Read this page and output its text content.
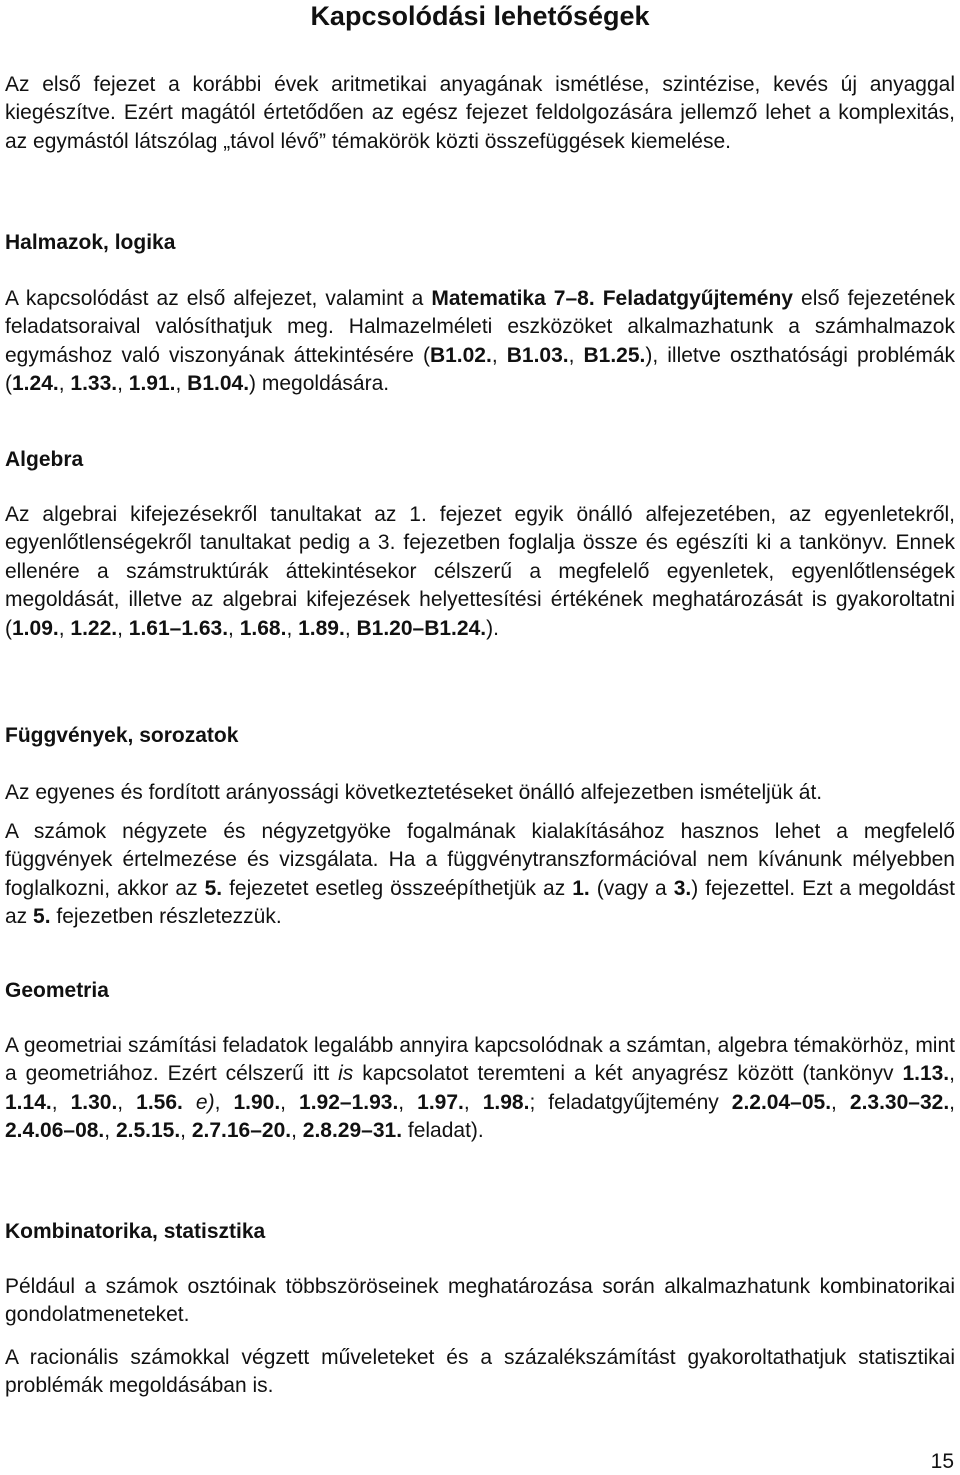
Kapcsolódási lehetőségek

Az első fejezet a korábbi évek aritmetikai anyagának ismétlése, szintézise, kevés új anyaggal kiegészítve. Ezért magától értetődően az egész fejezet feldolgozására jellemző lehet a komplexitás, az egymástól látszólag „távol lévő” témakörök közti összefüggések kiemelése.

Halmazok, logika

A kapcsolódást az első alfejezet, valamint a Matematika 7–8. Feladatgyűjtemény első fejezetének feladatsoraival valósíthatjuk meg. Halmazelméleti eszközöket alkalmazhatunk a számhalmazok egymáshoz való viszonyának áttekintésére (B1.02., B1.03., B1.25.), illetve oszthatósági problémák (1.24., 1.33., 1.91., B1.04.) megoldására.

Algebra

Az algebrai kifejezésekről tanultakat az 1. fejezet egyik önálló alfejezetében, az egyenletekről, egyenlőtlenségekről tanultakat pedig a 3. fejezetben foglalja össze és egészíti ki a tankönyv. Ennek ellenére a számstruktúrák áttekintésekor célszerű a megfelelő egyenletek, egyenlőtlenségek megoldását, illetve az algebrai kifejezések helyettesítési értékének meghatározását is gyakoroltatni (1.09., 1.22., 1.61–1.63., 1.68., 1.89., B1.20–B1.24.).

Függvények, sorozatok

Az egyenes és fordított arányossági következtetéseket önálló alfejezetben ismételjük át.

A számok négyzete és négyzetgyöke fogalmának kialakításához hasznos lehet a megfelelő függvények értelmezése és vizsgálata. Ha a függvénytranszformációval nem kívánunk mélyebben foglalkozni, akkor az 5. fejezetet esetleg összeépíthetjük az 1. (vagy a 3.) fejezettel. Ezt a megoldást az 5. fejezetben részletezzük.

Geometria

A geometriai számítási feladatok legalább annyira kapcsolódnak a számtan, algebra témakörhöz, mint a geometriához. Ezért célszerű itt is kapcsolatot teremteni a két anyagrész között (tankönyv 1.13., 1.14., 1.30., 1.56. e), 1.90., 1.92–1.93., 1.97., 1.98.; feladatgyűjtemény 2.2.04–05., 2.3.30–32., 2.4.06–08., 2.5.15., 2.7.16–20., 2.8.29–31. feladat).

Kombinatorika, statisztika

Például a számok osztóinak többszöröseinek meghatározása során alkalmazhatunk kombinatorikai gondolatmeneteket.

A racionális számokkal végzett műveleteket és a százalékszámítást gyakoroltathatjuk statisztikai problémák megoldásában is.

15
